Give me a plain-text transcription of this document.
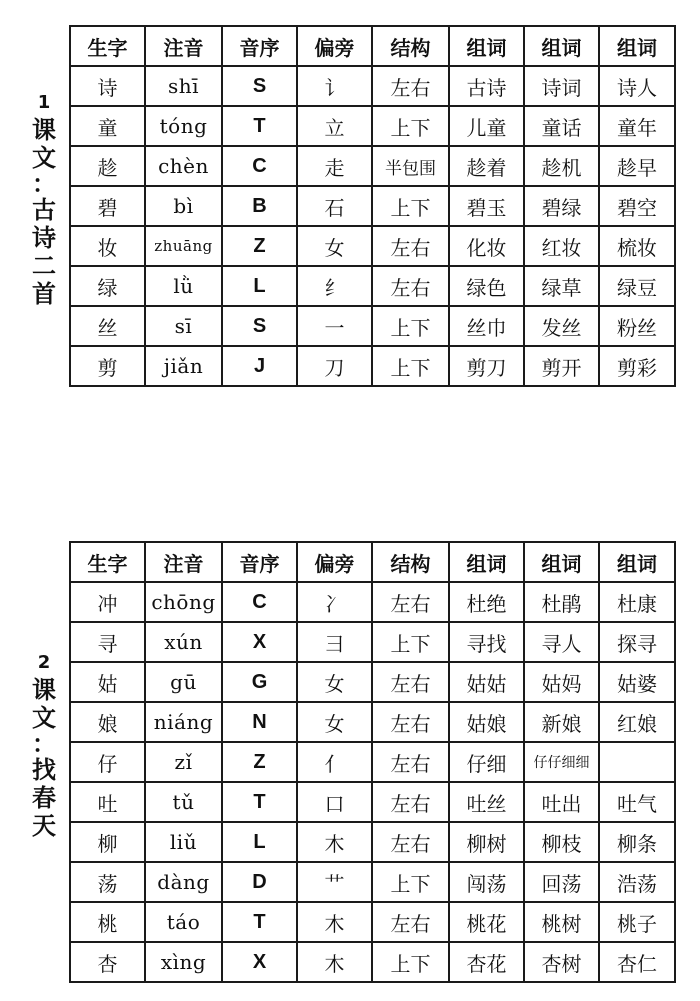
1
课
文
：
古
诗
二
首
生字	注音	音序	偏旁	结构	组词	组词	组词
诗	shī	S	讠	左右	古诗	诗词	诗人
童	tóng	T	立	上下	儿童	童话	童年
趁	chèn	C	走	半包围	趁着	趁机	趁早
碧	bì	B	石	上下	碧玉	碧绿	碧空
妆	zhuāng	Z	女	左右	化妆	红妆	梳妆
绿	lǜ	L	纟	左右	绿色	绿草	绿豆
丝	sī	S	一	上下	丝巾	发丝	粉丝
剪	jiǎn	J	刀	上下	剪刀	剪开	剪彩
2
课
文
：
找
春
天
生字	注音	音序	偏旁	结构	组词	组词	组词
冲	chōng	C	冫	左右	杜绝	杜鹃	杜康
寻	xún	X	彐	上下	寻找	寻人	探寻
姑	gū	G	女	左右	姑姑	姑妈	姑婆
娘	niáng	N	女	左右	姑娘	新娘	红娘
仔	zǐ	Z	亻	左右	仔细	仔仔细细	
吐	tǔ	T	口	左右	吐丝	吐出	吐气
柳	liǔ	L	木	左右	柳树	柳枝	柳条
荡	dàng	D	艹	上下	闯荡	回荡	浩荡
桃	táo	T	木	左右	桃花	桃树	桃子
杏	xìng	X	木	上下	杏花	杏树	杏仁
